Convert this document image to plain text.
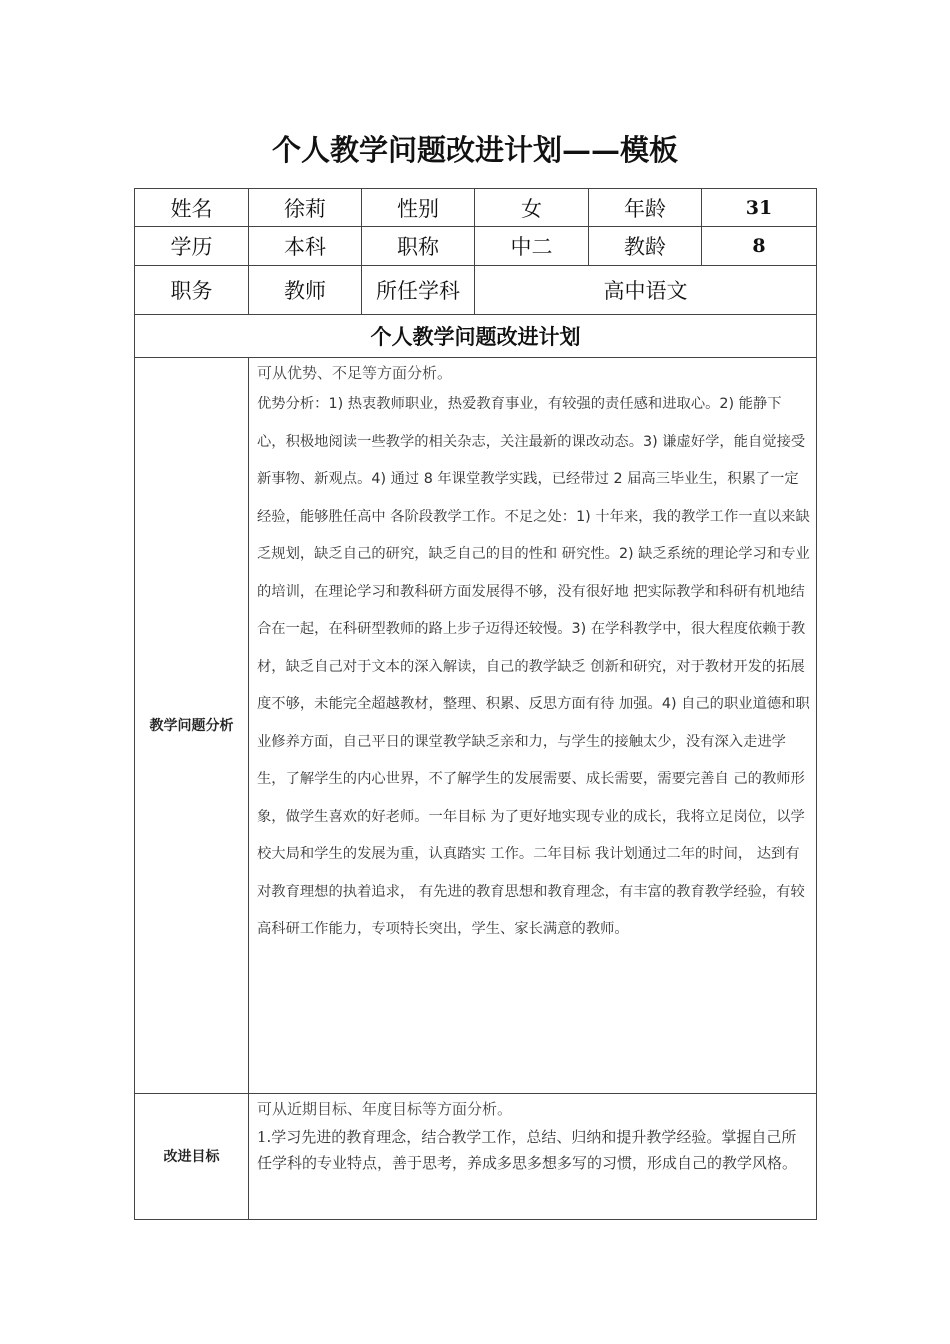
个人教学问题改进计划——模板
姓名	徐莉	性别	女	年龄	31
学历	本科	职称	中二	教龄	8
职务	教师	所任学科	高中语文		
个人教学问题改进计划					
教学问题分析	可从优势、不足等方面分析。
优势分析：1) 热衷教师职业，热爱教育事业，有较强的责任感和进取心。2) 能静下心，积极地阅读一些教学的相关杂志，关注最新的课改动态。3) 谦虚好学，能自觉接受新事物、新观点。4) 通过 8 年课堂教学实践，已经带过 2 届高三毕业生，积累了一定经验，能够胜任高中 各阶段教学工作。不足之处：1) 十年来，我的教学工作一直以来缺乏规划，缺乏自己的研究，缺乏自己的目的性和 研究性。2) 缺乏系统的理论学习和专业的培训，在理论学习和教科研方面发展得不够，没有很好地 把实际教学和科研有机地结合在一起，在科研型教师的路上步子迈得还较慢。3) 在学科教学中，很大程度依赖于教材，缺乏自己对于文本的深入解读，自己的教学缺乏 创新和研究，对于教材开发的拓展度不够，未能完全超越教材，整理、积累、反思方面有待 加强。4) 自己的职业道德和职业修养方面，自己平日的课堂教学缺乏亲和力，与学生的接触太少，没有深入走进学生，了解学生的内心世界，不了解学生的发展需要、成长需要，需要完善自 己的教师形象，做学生喜欢的好老师。一年目标 为了更好地实现专业的成长，我将立足岗位，以学校大局和学生的发展为重，认真踏实 工作。二年目标 我计划通过二年的时间， 达到有对教育理想的执着追求， 有先进的教育思想和教育理念，有丰富的教育教学经验，有较高科研工作能力，专项特长突出，学生、家长满意的教师。				

改进目标	可从近期目标、年度目标等方面分析。
1.学习先进的教育理念，结合教学工作，总结、归纳和提升教学经验。掌握自己所任学科的专业特点，善于思考，养成多思多想多写的习惯，形成自己的教学风格。				
